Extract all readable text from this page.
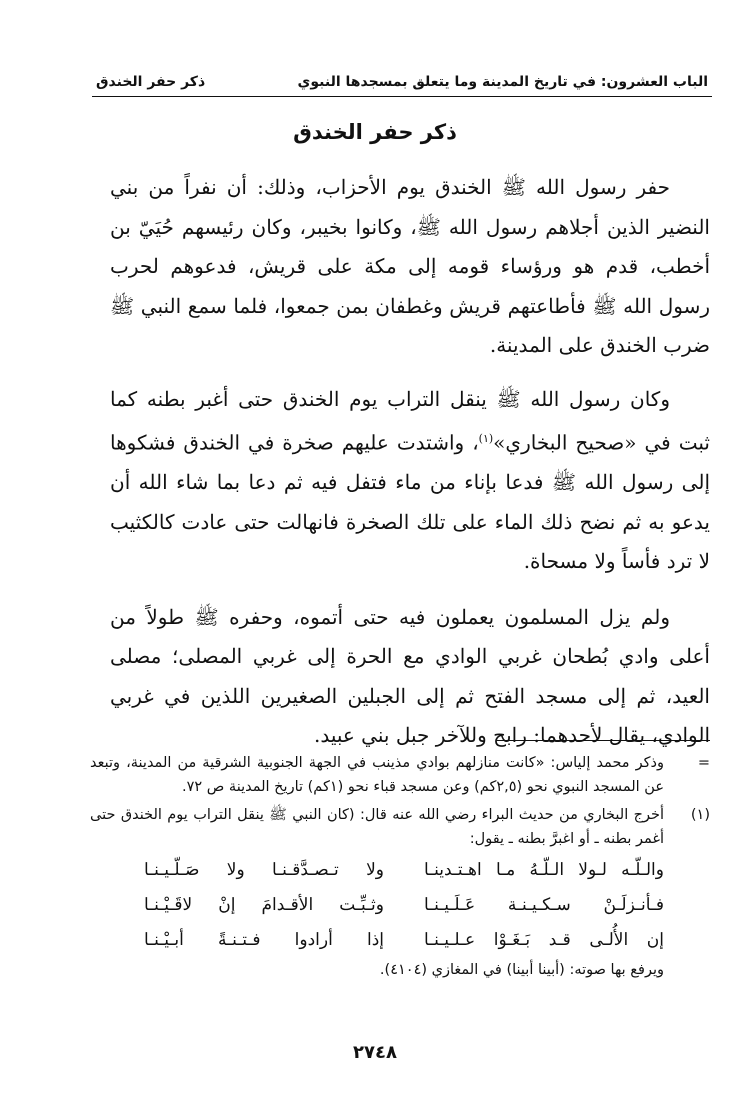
الباب العشرون: في تاريخ المدينة وما يتعلق بمسجدها النبوي
ذكر حفر الخندق
ذكر حفر الخندق

حفر رسول الله ﷺ الخندق يوم الأحزاب، وذلك: أن نفراً من بني النضير الذين أجلاهم رسول الله ﷺ، وكانوا بخيبر، وكان رئيسهم حُيَيّ بن أخطب، قدم هو ورؤساء قومه إلى مكة على قريش، فدعوهم لحرب رسول الله ﷺ فأطاعتهم قريش وغطفان بمن جمعوا، فلما سمع النبي ﷺ ضرب الخندق على المدينة.

وكان رسول الله ﷺ ينقل التراب يوم الخندق حتى أغبر بطنه كما ثبت في «صحيح البخاري»$^{(١)}$، واشتدت عليهم صخرة في الخندق فشكوها إلى رسول الله ﷺ فدعا بإناء من ماء فتفل فيه ثم دعا بما شاء الله أن يدعو به ثم نضح ذلك الماء على تلك الصخرة فانهالت حتى عادت كالكثيب لا ترد فأساً ولا مسحاة.

ولم يزل المسلمون يعملون فيه حتى أتموه، وحفره ﷺ طولاً من أعلى وادي بُطحان غربي الوادي مع الحرة إلى غربي المصلى؛ مصلى العيد، ثم إلى مسجد الفتح ثم إلى الجبلين الصغيرين اللذين في غربي الوادي، يقال لأحدهما: رابح وللآخر جبل بني عبيد.

=
وذكر محمد إلياس: «كانت منازلهم بوادي مذينب في الجهة الجنوبية الشرقية من المدينة، وتبعد عن المسجد النبوي نحو (٢,٥كم) وعن مسجد قباء نحو (١كم) تاريخ المدينة ص ٧٢.
(١)

أخرج البخاري من حديث البراء رضي الله عنه قال: (كان النبي ﷺ ينقل التراب يوم الخندق حتى أغمر بطنه ـ أو اغبرَّ بطنه ـ يقول:

والـلّـه لـولا الـلّـهُ مـا اهـتـدينـا
ولا تـصـدَّقـنـا ولا صَـلّـيـنـا
فـأنـزلَـنْ سـكـيـنـة عَـلَـيـنـا
وثـبِّـت الأقـدامَ إنْ لاقَـيْـنـا
إن الأُلـى قـد بَـغَـوْا عـلـيـنـا
إذا أرادوا فـتـنـةً أبـيْـنـا

ويرفع بها صوته: (أبينا أبينا) في المغازي (٤١٠٤).

٢٧٤٨
